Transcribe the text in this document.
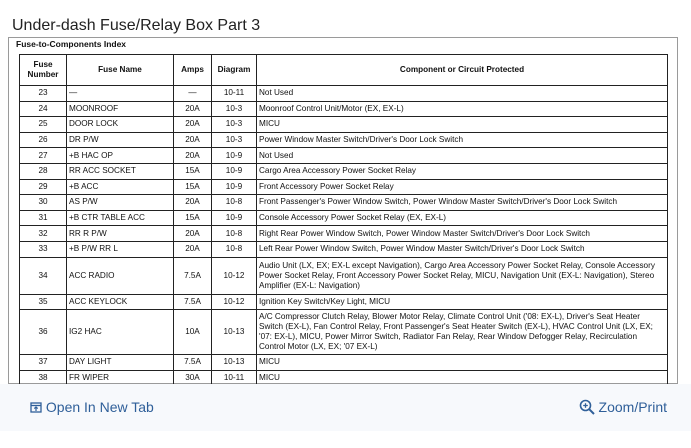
Under-dash Fuse/Relay Box Part 3
Fuse-to-Components Index
Fuse Number	Fuse Name	Amps	Diagram	Component or Circuit Protected
23	—	—	10-11	Not Used
24	MOONROOF	20A	10-3	Moonroof Control Unit/Motor (EX, EX-L)
25	DOOR LOCK	20A	10-3	MICU
26	DR P/W	20A	10-3	Power Window Master Switch/Driver's Door Lock Switch
27	+B HAC OP	20A	10-9	Not Used
28	RR ACC SOCKET	15A	10-9	Cargo Area Accessory Power Socket Relay
29	+B ACC	15A	10-9	Front Accessory Power Socket Relay
30	AS P/W	20A	10-8	Front Passenger's Power Window Switch, Power Window Master Switch/Driver's Door Lock Switch
31	+B CTR TABLE ACC	15A	10-9	Console Accessory Power Socket Relay (EX, EX-L)
32	RR R P/W	20A	10-8	Right Rear Power Window Switch, Power Window Master Switch/Driver's Door Lock Switch
33	+B P/W RR L	20A	10-8	Left Rear Power Window Switch, Power Window Master Switch/Driver's Door Lock Switch
34	ACC RADIO	7.5A	10-12	Audio Unit (LX, EX; EX-L except Navigation), Cargo Area Accessory Power Socket Relay, Console Accessory Power Socket Relay, Front Accessory Power Socket Relay, MICU, Navigation Unit (EX-L: Navigation), Stereo Amplifier (EX-L: Navigation)
35	ACC KEYLOCK	7.5A	10-12	Ignition Key Switch/Key Light, MICU
36	IG2 HAC	10A	10-13	A/C Compressor Clutch Relay, Blower Motor Relay, Climate Control Unit ('08: EX-L), Driver's Seat Heater Switch (EX-L), Fan Control Relay, Front Passenger's Seat Heater Switch (EX-L), HVAC Control Unit (LX, EX; '07: EX-L), MICU, Power Mirror Switch, Radiator Fan Relay, Rear Window Defogger Relay, Recirculation Control Motor (LX, EX; '07 EX-L)
37	DAY LIGHT	7.5A	10-13	MICU
38	FR WIPER	30A	10-11	MICU
Open In New Tab	Zoom/Print
